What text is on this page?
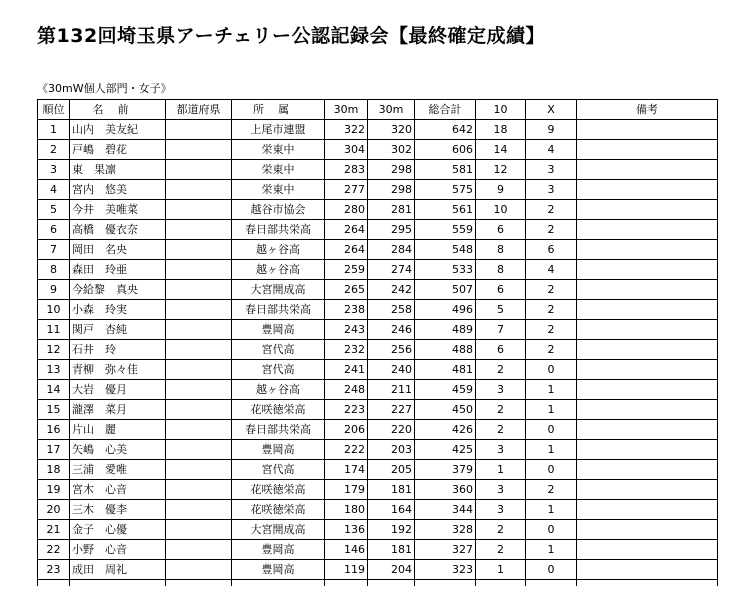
第132回埼玉県アーチェリー公認記録会【最終確定成績】
《30mW個人部門・女子》
順位	名前	都道府県	所属	30m	30m	総合計	10	X	備考
1	山内　美友紀		上尾市連盟	322	320	642	18	9	
2	戸嶋　碧花		栄東中	304	302	606	14	4	
3	東　果凛		栄東中	283	298	581	12	3	
4	宮内　悠美		栄東中	277	298	575	9	3	
5	今井　美唯菜		越谷市協会	280	281	561	10	2	
6	高橋　優衣奈		春日部共栄高	264	295	559	6	2	
7	岡田　名央		越ヶ谷高	264	284	548	8	6	
8	森田　玲亜		越ヶ谷高	259	274	533	8	4	
9	今給黎　真央		大宮開成高	265	242	507	6	2	
10	小森　玲実		春日部共栄高	238	258	496	5	2	
11	関戸　杏純		豊岡高	243	246	489	7	2	
12	石井　玲		宮代高	232	256	488	6	2	
13	青柳　弥々佳		宮代高	241	240	481	2	0	
14	大岩　優月		越ヶ谷高	248	211	459	3	1	
15	瀧澤　菜月		花咲徳栄高	223	227	450	2	1	
16	片山　麗		春日部共栄高	206	220	426	2	0	
17	矢嶋　心美		豊岡高	222	203	425	3	1	
18	三浦　愛唯		宮代高	174	205	379	1	0	
19	宮木　心音		花咲徳栄高	179	181	360	3	2	
20	三木　優李		花咲徳栄高	180	164	344	3	1	
21	金子　心優		大宮開成高	136	192	328	2	0	
22	小野　心音		豊岡高	146	181	327	2	1	
23	成田　周礼		豊岡高	119	204	323	1	0	
